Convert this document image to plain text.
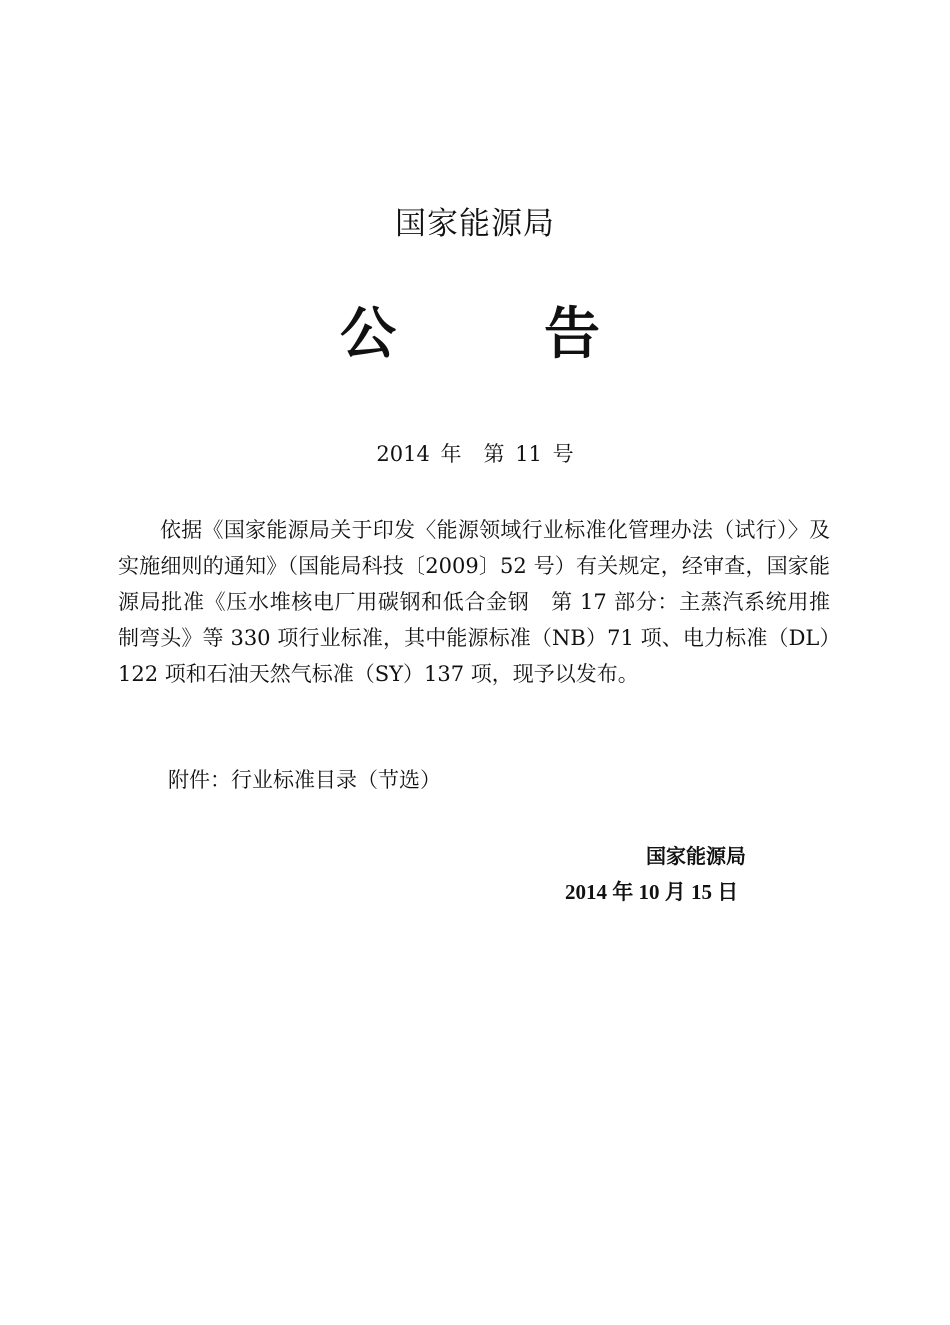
国家能源局
公	告
2014 年 第 11 号

依据《国家能源局关于印发〈能源领域行业标准化管理办法（试行）〉及实施细则的通知》（国能局科技〔2009〕52 号）有关规定，经审查，国家能源局批准《压水堆核电厂用碳钢和低合金钢　第 17 部分：主蒸汽系统用推制弯头》等 330 项行业标准，其中能源标准（NB）71 项、电力标准（DL）122 项和石油天然气标准（SY）137 项，现予以发布。

附件：行业标准目录（节选）
国家能源局
2014 年 10 月 15 日
